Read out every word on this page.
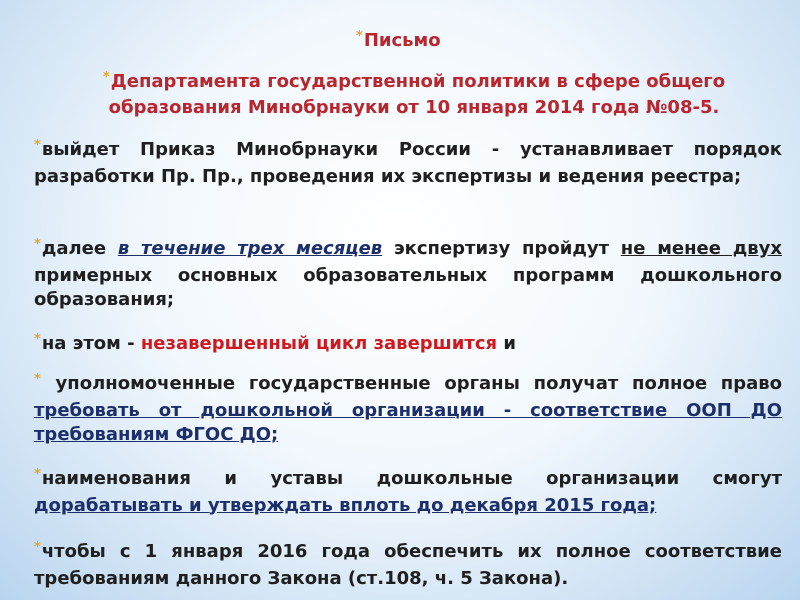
*Письмо
*Департамента государственной политики в сфере общего образования Минобрнауки от 10 января 2014 года №08-5.
*выйдет Приказ Минобрнауки России - устанавливает порядок разработки Пр. Пр., проведения их экспертизы и ведения реестра;
*далее в течение трех месяцев экспертизу пройдут не менее двух примерных основных образовательных программ дошкольного образования;
*на этом - незавершенный цикл завершится и
* уполномоченные государственные органы получат полное право требовать от дошкольной организации - соответствие ООП ДО требованиям ФГОС ДО;
*наименования и уставы дошкольные организации смогут дорабатывать и утверждать вплоть до декабря 2015 года;
*чтобы с 1 января 2016 года обеспечить их полное соответствие требованиям данного Закона (ст.108, ч. 5 Закона).
